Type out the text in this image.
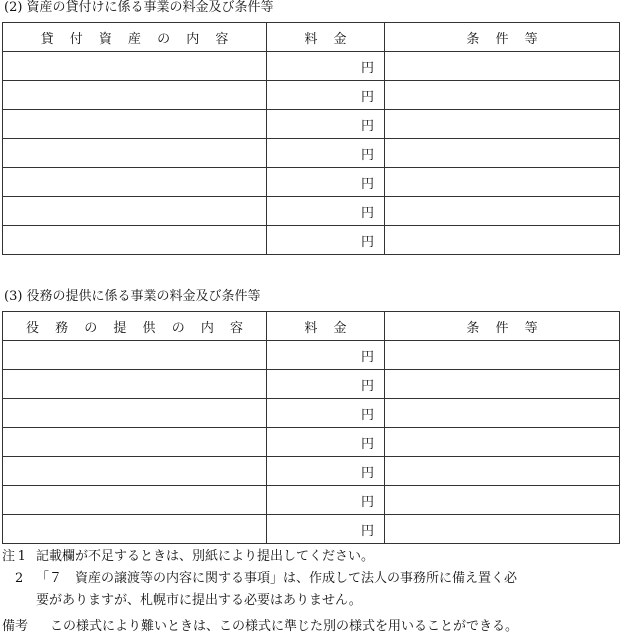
(2) 資産の貸付けに係る事業の料金及び条件等
貸 付 資 産 の 内 容	料 金	条 件 等
	円	
	円	
	円	
	円	
	円	
	円	
	円	
(3) 役務の提供に係る事業の料金及び条件等
役 務 の 提 供 の 内 容	料 金	条 件 等
	円	
	円	
	円	
	円	
	円	
	円	
	円	
注  1 記載欄が不足するときは、別紙により提出してください。
 2 「７　資産の譲渡等の内容に関する事項」は、作成して法人の事務所に備え置く必
要がありますが、札幌市に提出する必要はありません。
備考 この様式により難いときは、この様式に準じた別の様式を用いることができる。
